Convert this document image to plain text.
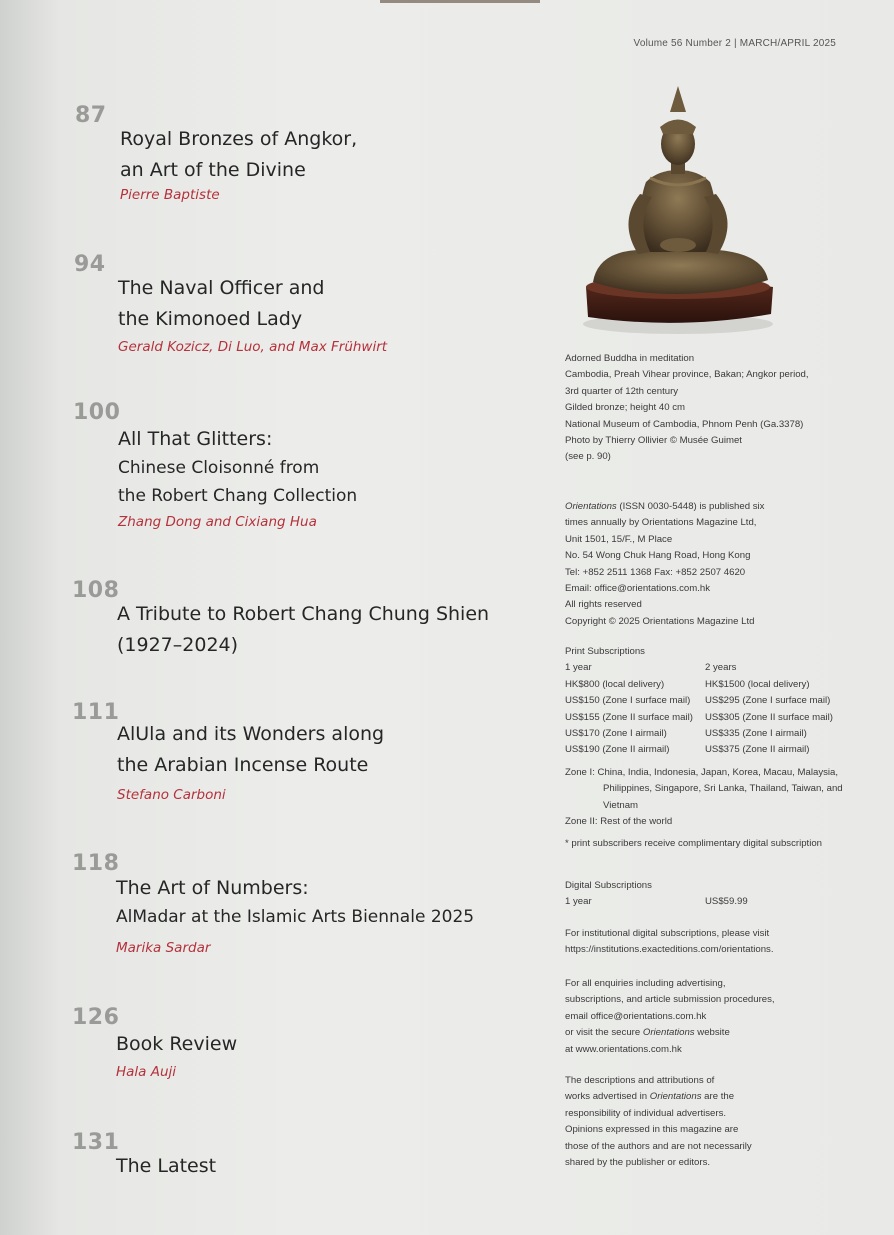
Volume 56 Number 2 | MARCH/APRIL 2025
87
Royal Bronzes of Angkor,
an Art of the Divine
Pierre Baptiste
94
The Naval Officer and
the Kimonoed Lady
Gerald Kozicz, Di Luo, and Max Frühwirt
100
All That Glitters:
Chinese Cloisonné from
the Robert Chang Collection
Zhang Dong and Cixiang Hua
108
A Tribute to Robert Chang Chung Shien
(1927–2024)
111
AlUla and its Wonders along
the Arabian Incense Route
Stefano Carboni
118
The Art of Numbers:
AlMadar at the Islamic Arts Biennale 2025
Marika Sardar
126
Book Review
Hala Auji
131
The Latest

Adorned Buddha in meditation

Cambodia, Preah Vihear province, Bakan; Angkor period,

3rd quarter of 12th century

Gilded bronze; height 40 cm

National Museum of Cambodia, Phnom Penh (Ga.3378)

Photo by Thierry Ollivier © Musée Guimet

(see p. 90)

Orientations (ISSN 0030-5448) is published six

times annually by Orientations Magazine Ltd,

Unit 1501, 15/F., M Place

No. 54 Wong Chuk Hang Road, Hong Kong

Tel: +852 2511 1368 Fax: +852 2507 4620

Email: office@orientations.com.hk

All rights reserved

Copyright © 2025 Orientations Magazine Ltd

Print Subscriptions

1 year	2 years
HK$800 (local delivery)	HK$1500 (local delivery)
US$150 (Zone I surface mail)	US$295 (Zone I surface mail)
US$155 (Zone II surface mail)	US$305 (Zone II surface mail)
US$170 (Zone I airmail)	US$335 (Zone I airmail)
US$190 (Zone II airmail)	US$375 (Zone II airmail)

Zone I: China, India, Indonesia, Japan, Korea, Macau, Malaysia, Philippines, Singapore, Sri Lanka, Thailand, Taiwan, and Vietnam

Zone II: Rest of the world

* print subscribers receive complimentary digital subscription

Digital Subscriptions

1 year	US$59.99

For institutional digital subscriptions, please visit https://institutions.exacteditions.com/orientations.

For all enquiries including advertising,

subscriptions, and article submission procedures,

email office@orientations.com.hk

or visit the secure Orientations website

at www.orientations.com.hk

The descriptions and attributions of

works advertised in Orientations are the

responsibility of individual advertisers.

Opinions expressed in this magazine are

those of the authors and are not necessarily

shared by the publisher or editors.
